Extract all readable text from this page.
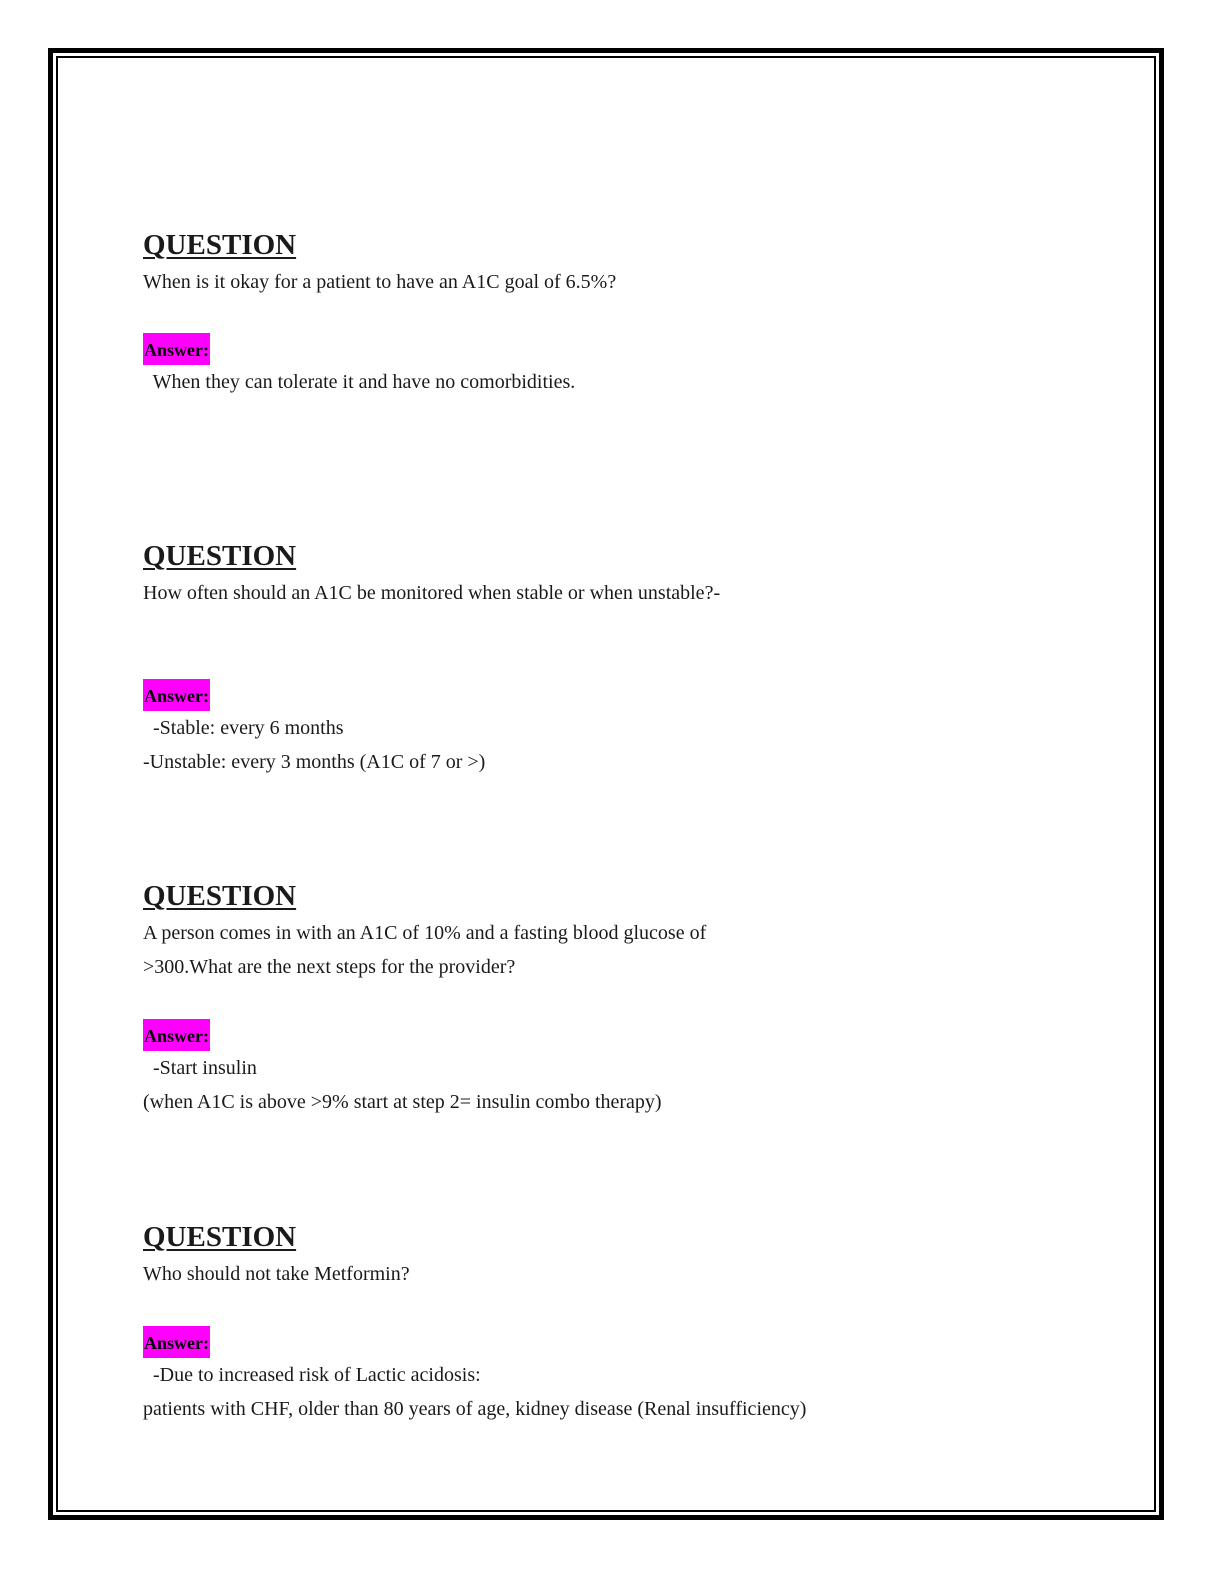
QUESTION
When is it okay for a patient to have an A1C goal of 6.5%?
Answer:
When they can tolerate it and have no comorbidities.
QUESTION
How often should an A1C be monitored when stable or when unstable?-
Answer:
-Stable: every 6 months
-Unstable: every 3 months (A1C of 7 or >)
QUESTION
A person comes in with an A1C of 10% and a fasting blood glucose of
>300.What are the next steps for the provider?
Answer:
-Start insulin
(when A1C is above >9% start at step 2= insulin combo therapy)
QUESTION
Who should not take Metformin?
Answer:
-Due to increased risk of Lactic acidosis:
patients with CHF, older than 80 years of age, kidney disease (Renal insufficiency)
